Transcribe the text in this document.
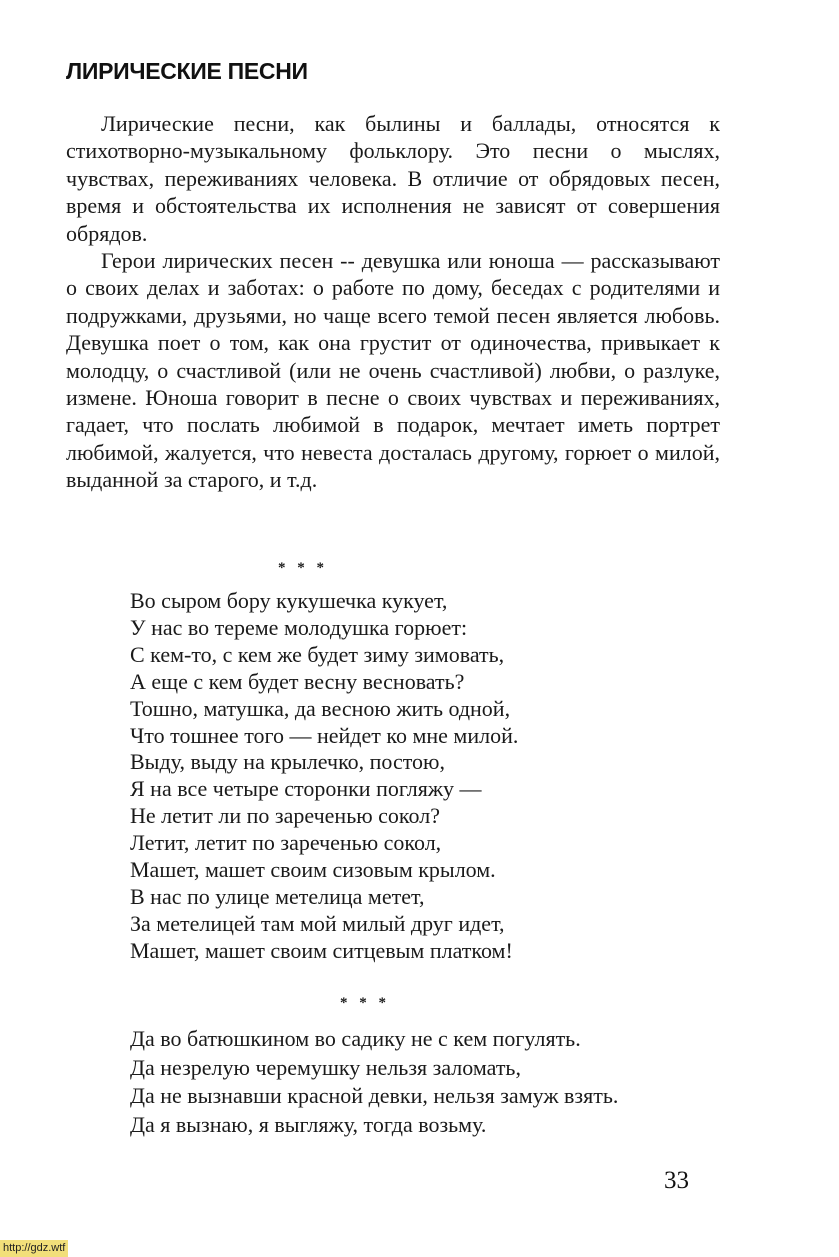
ЛИРИЧЕСКИЕ ПЕСНИ

Лирические песни, как былины и баллады, относятся к стихотворно-музыкальному фольклору. Это песни о мыслях, чувствах, переживаниях человека. В отличие от обрядовых песен, время и обстоятельства их исполнения не зависят от совершения обрядов.

Герои лирических песен -- девушка или юноша — рассказывают о своих делах и заботах: о работе по дому, беседах с родителями и подружками, друзьями, но чаще всего темой песен является любовь. Девушка поет о том, как она грустит от одиночества, привыкает к молодцу, о счастливой (или не очень счастливой) любви, о разлуке, измене. Юноша говорит в песне о своих чувствах и переживаниях, гадает, что послать любимой в подарок, мечтает иметь портрет любимой, жалуется, что невеста досталась другому, горюет о милой, выданной за старого, и т.д.

* * *
Во сыром бору кукушечка кукует,
У нас во тереме молодушка горюет:
С кем-то, с кем же будет зиму зимовать,
А еще с кем будет весну весновать?
Тошно, матушка, да весною жить одной,
Что тошнее того — нейдет ко мне милой.
Выду, выду на крылечко, постою,
Я на все четыре сторонки погляжу —
Не летит ли по зареченью сокол?
Летит, летит по зареченью сокол,
Машет, машет своим сизовым крылом.
В нас по улице метелица метет,
За метелицей там мой милый друг идет,
Машет, машет своим ситцевым платком!
* * *
Да во батюшкином во садику не с кем погулять.
Да незрелую черемушку нельзя заломать,
Да не вызнавши красной девки, нельзя замуж взять.
Да я вызнаю, я выгляжу, тогда возьму.
33
http://gdz.wtf
